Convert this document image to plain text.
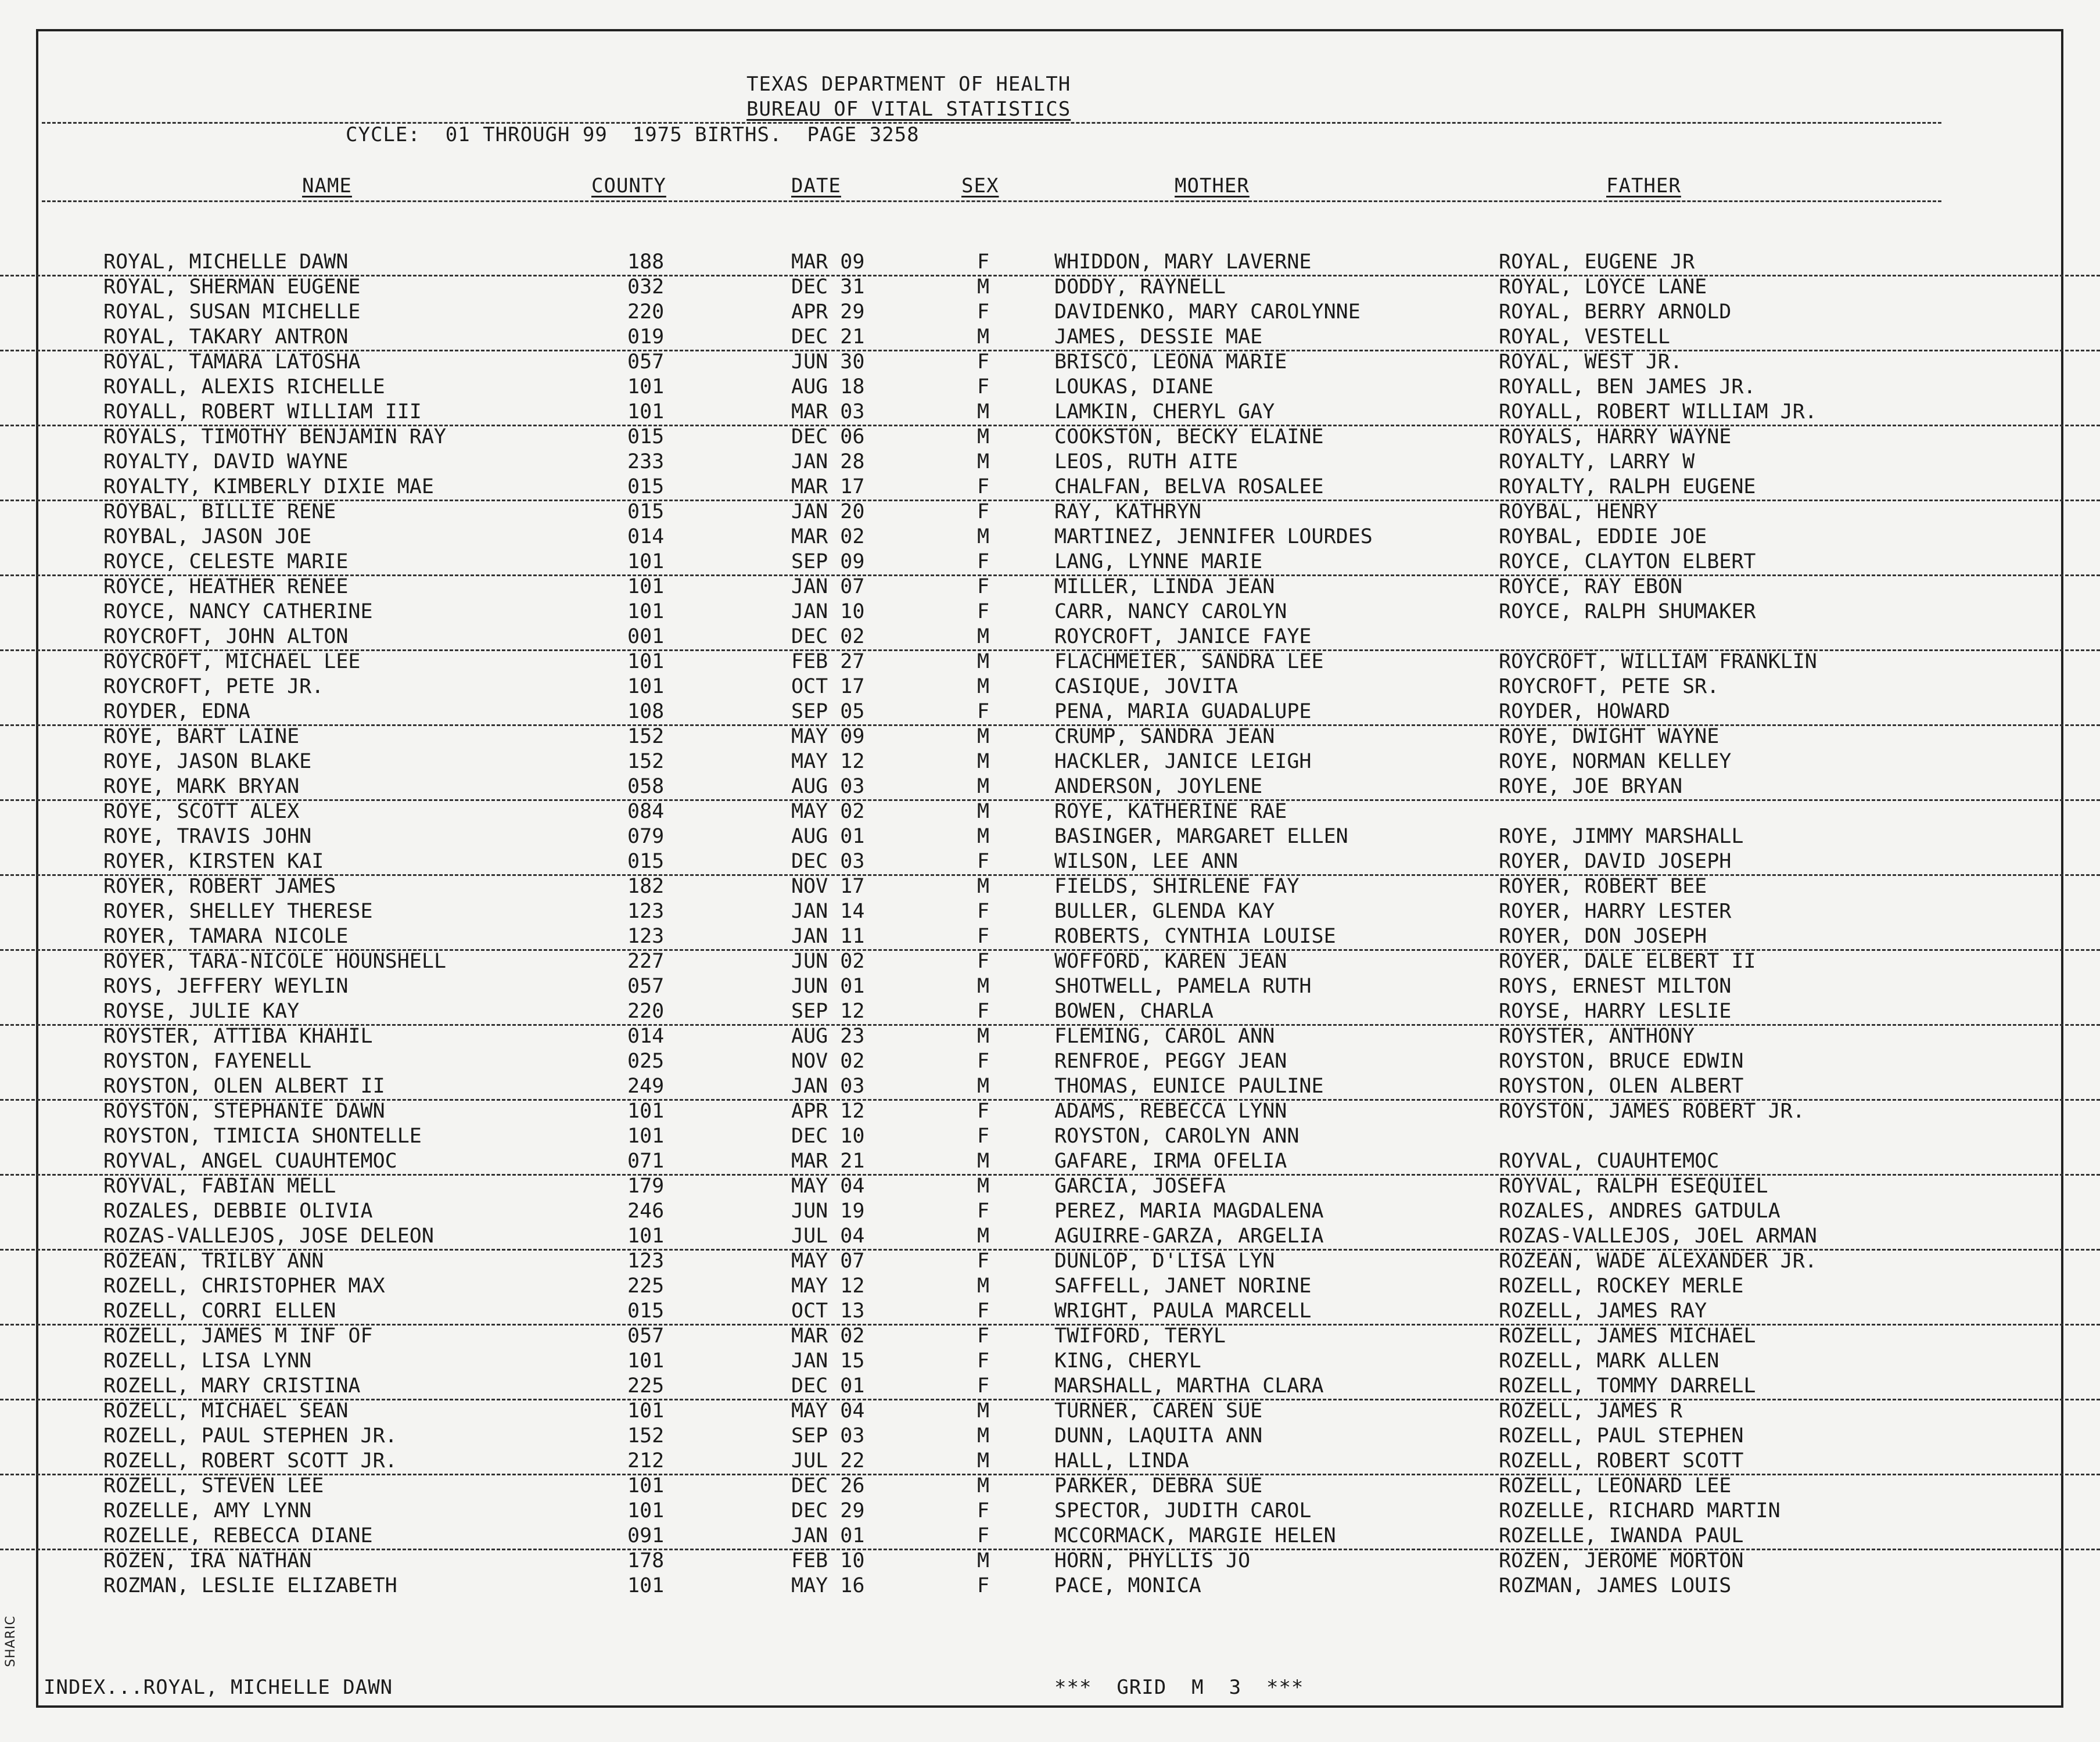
SHARIC
TEXAS DEPARTMENT OF HEALTH
BUREAU OF VITAL STATISTICS
CYCLE:  01 THROUGH 99  1975 BIRTHS.  PAGE 3258
NAME	COUNTY	DATE	SEX	MOTHER	FATHER
ROYAL, MICHELLE DAWN	188	MAR 09	F	WHIDDON, MARY LAVERNE	ROYAL, EUGENE JR
ROYAL, SHERMAN EUGENE	032	DEC 31	M	DODDY, RAYNELL	ROYAL, LOYCE LANE
ROYAL, SUSAN MICHELLE	220	APR 29	F	DAVIDENKO, MARY CAROLYNNE	ROYAL, BERRY ARNOLD
ROYAL, TAKARY ANTRON	019	DEC 21	M	JAMES, DESSIE MAE	ROYAL, VESTELL
ROYAL, TAMARA LATOSHA	057	JUN 30	F	BRISCO, LEONA MARIE	ROYAL, WEST JR.
ROYALL, ALEXIS RICHELLE	101	AUG 18	F	LOUKAS, DIANE	ROYALL, BEN JAMES JR.
ROYALL, ROBERT WILLIAM III	101	MAR 03	M	LAMKIN, CHERYL GAY	ROYALL, ROBERT WILLIAM JR.
ROYALS, TIMOTHY BENJAMIN RAY	015	DEC 06	M	COOKSTON, BECKY ELAINE	ROYALS, HARRY WAYNE
ROYALTY, DAVID WAYNE	233	JAN 28	M	LEOS, RUTH AITE	ROYALTY, LARRY W
ROYALTY, KIMBERLY DIXIE MAE	015	MAR 17	F	CHALFAN, BELVA ROSALEE	ROYALTY, RALPH EUGENE
ROYBAL, BILLIE RENE	015	JAN 20	F	RAY, KATHRYN	ROYBAL, HENRY
ROYBAL, JASON JOE	014	MAR 02	M	MARTINEZ, JENNIFER LOURDES	ROYBAL, EDDIE JOE
ROYCE, CELESTE MARIE	101	SEP 09	F	LANG, LYNNE MARIE	ROYCE, CLAYTON ELBERT
ROYCE, HEATHER RENEE	101	JAN 07	F	MILLER, LINDA JEAN	ROYCE, RAY EBON
ROYCE, NANCY CATHERINE	101	JAN 10	F	CARR, NANCY CAROLYN	ROYCE, RALPH SHUMAKER
ROYCROFT, JOHN ALTON	001	DEC 02	M	ROYCROFT, JANICE FAYE
ROYCROFT, MICHAEL LEE	101	FEB 27	M	FLACHMEIER, SANDRA LEE	ROYCROFT, WILLIAM FRANKLIN
ROYCROFT, PETE JR.	101	OCT 17	M	CASIQUE, JOVITA	ROYCROFT, PETE SR.
ROYDER, EDNA	108	SEP 05	F	PENA, MARIA GUADALUPE	ROYDER, HOWARD
ROYE, BART LAINE	152	MAY 09	M	CRUMP, SANDRA JEAN	ROYE, DWIGHT WAYNE
ROYE, JASON BLAKE	152	MAY 12	M	HACKLER, JANICE LEIGH	ROYE, NORMAN KELLEY
ROYE, MARK BRYAN	058	AUG 03	M	ANDERSON, JOYLENE	ROYE, JOE BRYAN
ROYE, SCOTT ALEX	084	MAY 02	M	ROYE, KATHERINE RAE
ROYE, TRAVIS JOHN	079	AUG 01	M	BASINGER, MARGARET ELLEN	ROYE, JIMMY MARSHALL
ROYER, KIRSTEN KAI	015	DEC 03	F	WILSON, LEE ANN	ROYER, DAVID JOSEPH
ROYER, ROBERT JAMES	182	NOV 17	M	FIELDS, SHIRLENE FAY	ROYER, ROBERT BEE
ROYER, SHELLEY THERESE	123	JAN 14	F	BULLER, GLENDA KAY	ROYER, HARRY LESTER
ROYER, TAMARA NICOLE	123	JAN 11	F	ROBERTS, CYNTHIA LOUISE	ROYER, DON JOSEPH
ROYER, TARA-NICOLE HOUNSHELL	227	JUN 02	F	WOFFORD, KAREN JEAN	ROYER, DALE ELBERT II
ROYS, JEFFERY WEYLIN	057	JUN 01	M	SHOTWELL, PAMELA RUTH	ROYS, ERNEST MILTON
ROYSE, JULIE KAY	220	SEP 12	F	BOWEN, CHARLA	ROYSE, HARRY LESLIE
ROYSTER, ATTIBA KHAHIL	014	AUG 23	M	FLEMING, CAROL ANN	ROYSTER, ANTHONY
ROYSTON, FAYENELL	025	NOV 02	F	RENFROE, PEGGY JEAN	ROYSTON, BRUCE EDWIN
ROYSTON, OLEN ALBERT II	249	JAN 03	M	THOMAS, EUNICE PAULINE	ROYSTON, OLEN ALBERT
ROYSTON, STEPHANIE DAWN	101	APR 12	F	ADAMS, REBECCA LYNN	ROYSTON, JAMES ROBERT JR.
ROYSTON, TIMICIA SHONTELLE	101	DEC 10	F	ROYSTON, CAROLYN ANN
ROYVAL, ANGEL CUAUHTEMOC	071	MAR 21	M	GAFARE, IRMA OFELIA	ROYVAL, CUAUHTEMOC
ROYVAL, FABIAN MELL	179	MAY 04	M	GARCIA, JOSEFA	ROYVAL, RALPH ESEQUIEL
ROZALES, DEBBIE OLIVIA	246	JUN 19	F	PEREZ, MARIA MAGDALENA	ROZALES, ANDRES GATDULA
ROZAS-VALLEJOS, JOSE DELEON	101	JUL 04	M	AGUIRRE-GARZA, ARGELIA	ROZAS-VALLEJOS, JOEL ARMAN
ROZEAN, TRILBY ANN	123	MAY 07	F	DUNLOP, D'LISA LYN	ROZEAN, WADE ALEXANDER JR.
ROZELL, CHRISTOPHER MAX	225	MAY 12	M	SAFFELL, JANET NORINE	ROZELL, ROCKEY MERLE
ROZELL, CORRI ELLEN	015	OCT 13	F	WRIGHT, PAULA MARCELL	ROZELL, JAMES RAY
ROZELL, JAMES M INF OF	057	MAR 02	F	TWIFORD, TERYL	ROZELL, JAMES MICHAEL
ROZELL, LISA LYNN	101	JAN 15	F	KING, CHERYL	ROZELL, MARK ALLEN
ROZELL, MARY CRISTINA	225	DEC 01	F	MARSHALL, MARTHA CLARA	ROZELL, TOMMY DARRELL
ROZELL, MICHAEL SEAN	101	MAY 04	M	TURNER, CAREN SUE	ROZELL, JAMES R
ROZELL, PAUL STEPHEN JR.	152	SEP 03	M	DUNN, LAQUITA ANN	ROZELL, PAUL STEPHEN
ROZELL, ROBERT SCOTT JR.	212	JUL 22	M	HALL, LINDA	ROZELL, ROBERT SCOTT
ROZELL, STEVEN LEE	101	DEC 26	M	PARKER, DEBRA SUE	ROZELL, LEONARD LEE
ROZELLE, AMY LYNN	101	DEC 29	F	SPECTOR, JUDITH CAROL	ROZELLE, RICHARD MARTIN
ROZELLE, REBECCA DIANE	091	JAN 01	F	MCCORMACK, MARGIE HELEN	ROZELLE, IWANDA PAUL
ROZEN, IRA NATHAN	178	FEB 10	M	HORN, PHYLLIS JO	ROZEN, JEROME MORTON
ROZMAN, LESLIE ELIZABETH	101	MAY 16	F	PACE, MONICA	ROZMAN, JAMES LOUIS
INDEX...ROYAL, MICHELLE DAWN	***  GRID  M  3  ***
